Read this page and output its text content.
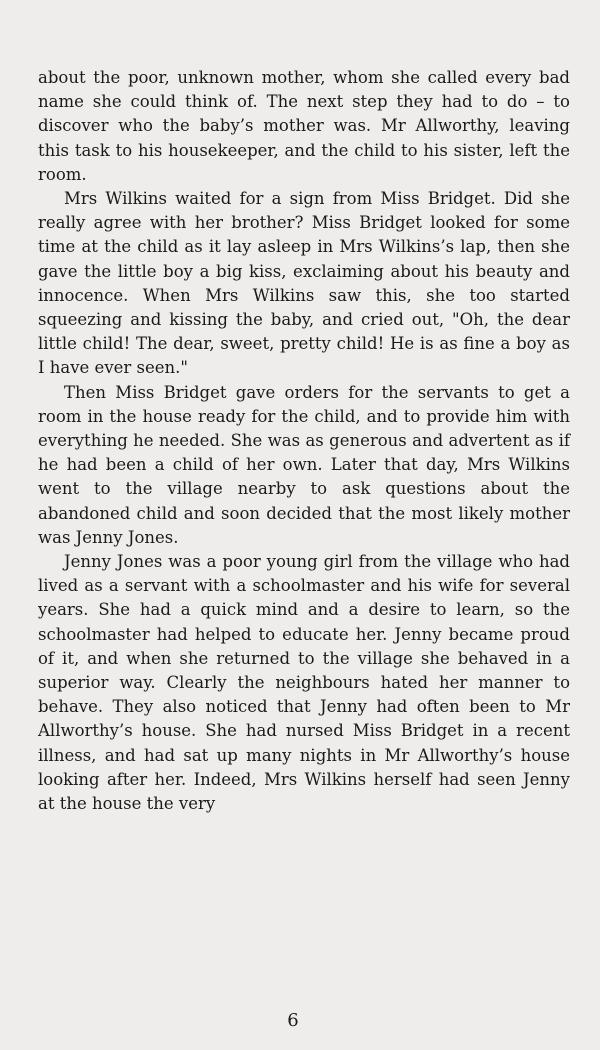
about the poor, unknown mother, whom she called every bad name she could think of. The next step they had to do – to discover who the baby’s mother was. Mr Allworthy, leaving this task to his housekeeper, and the child to his sister, left the room.

Mrs Wilkins waited for a sign from Miss Bridget. Did she really agree with her brother? Miss Bridget looked for some time at the child as it lay asleep in Mrs Wilkins’s lap, then she gave the little boy a big kiss, exclaiming about his beauty and innocence. When Mrs Wilkins saw this, she too started squeezing and kissing the baby, and cried out, "Oh, the dear little child! The dear, sweet, pretty child! He is as fine a boy as I have ever seen."

Then Miss Bridget gave orders for the servants to get a room in the house ready for the child, and to provide him with everything he needed. She was as generous and advertent as if he had been a child of her own. Later that day, Mrs Wilkins went to the village nearby to ask questions about the abandoned child and soon decided that the most likely mother was Jenny Jones.

Jenny Jones was a poor young girl from the village who had lived as a servant with a schoolmaster and his wife for several years. She had a quick mind and a desire to learn, so the schoolmaster had helped to educate her. Jenny became proud of it, and when she returned to the village she behaved in a superior way. Clearly the neighbours hated her manner to behave. They also noticed that Jenny had often been to Mr Allworthy’s house. She had nursed Miss Bridget in a recent illness, and had sat up many nights in Mr Allworthy’s house looking after her. Indeed, Mrs Wilkins herself had seen Jenny at the house the very

6
